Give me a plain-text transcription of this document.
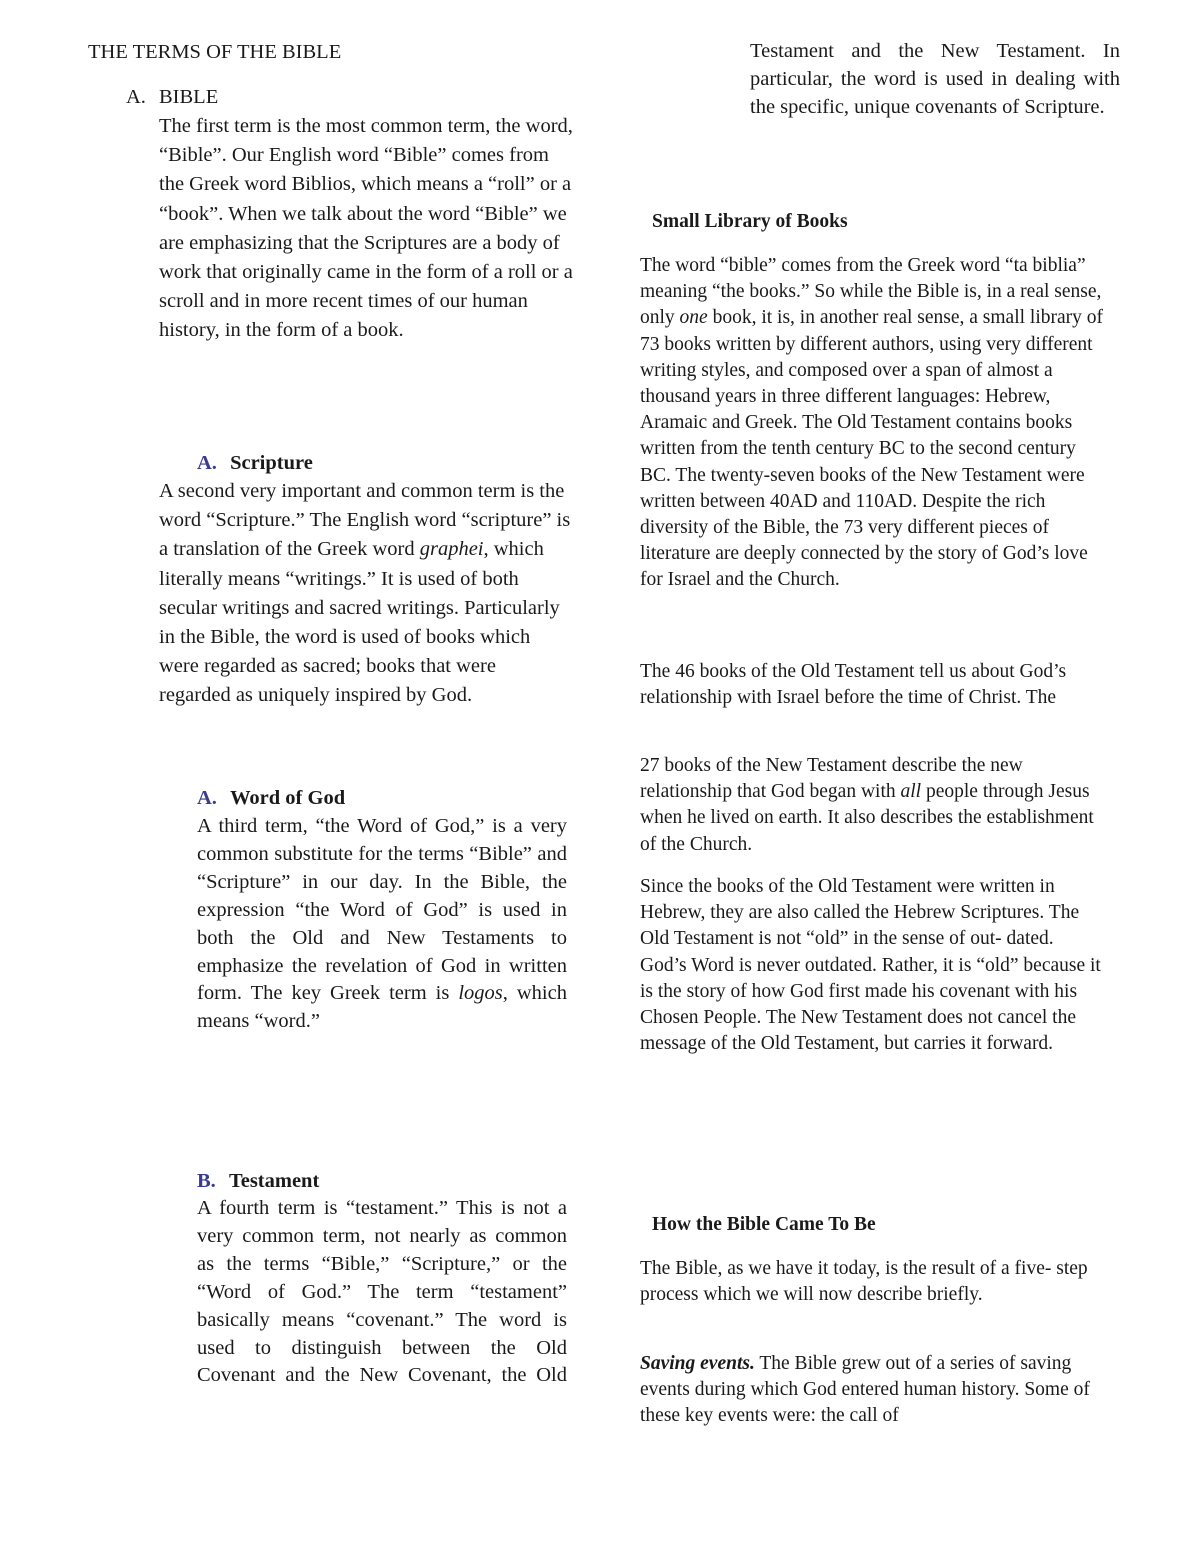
THE TERMS OF THE BIBLE
A. BIBLE

The first term is the most common term, the word, “Bible”. Our English word “Bible” comes from the Greek word Biblios, which means a “roll” or a “book”. When we talk about the word “Bible” we are emphasizing that the Scriptures are a body of work that originally came in the form of a roll or a scroll and in more recent times of our human history, in the form of a book.

A. Scripture

A second very important and common term is the word “Scripture.” The English word “scripture” is a translation of the Greek word graphei, which literally means “writings.” It is used of both secular writings and sacred writings. Particularly in the Bible, the word is used of books which were regarded as sacred; books that were regarded as uniquely inspired by God.

A. Word of God

A third term, “the Word of God,” is a very common substitute for the terms “Bible” and “Scripture” in our day. In the Bible, the expression “the Word of God” is used in both the Old and New Testaments to emphasize the revelation of God in written form. The key Greek term is logos, which means “word.”

B. Testament

A fourth term is “testament.” This is not a very common term, not nearly as common as the terms “Bible,” “Scripture,” or the “Word of God.” The term “testament” basically means “covenant.” The word is used to distinguish between the Old Covenant and the New Covenant, the Old

Testament and the New Testament. In particular, the word is used in dealing with the specific, unique covenants of Scripture.

Small Library of Books

The word “bible” comes from the Greek word “ta biblia” meaning “the books.” So while the Bible is, in a real sense, only one book, it is, in another real sense, a small library of 73 books written by different authors, using very different writing styles, and composed over a span of almost a thousand years in three different languages: Hebrew, Aramaic and Greek. The Old Testament contains books written from the tenth century BC to the second century BC. The twenty-seven books of the New Testament were written between 40AD and 110AD. Despite the rich diversity of the Bible, the 73 very different pieces of literature are deeply connected by the story of God’s love for Israel and the Church.

The 46 books of the Old Testament tell us about God’s relationship with Israel before the time of Christ. The

27 books of the New Testament describe the new relationship that God began with all people through Jesus when he lived on earth. It also describes the establishment of the Church.

Since the books of the Old Testament were written in Hebrew, they are also called the Hebrew Scriptures. The Old Testament is not “old” in the sense of out- dated. God’s Word is never outdated. Rather, it is “old” because it is the story of how God first made his covenant with his Chosen People. The New Testament does not cancel the message of the Old Testament, but carries it forward.

How the Bible Came To Be

The Bible, as we have it today, is the result of a five- step process which we will now describe briefly.

Saving events. The Bible grew out of a series of saving events during which God entered human history. Some of these key events were: the call of
